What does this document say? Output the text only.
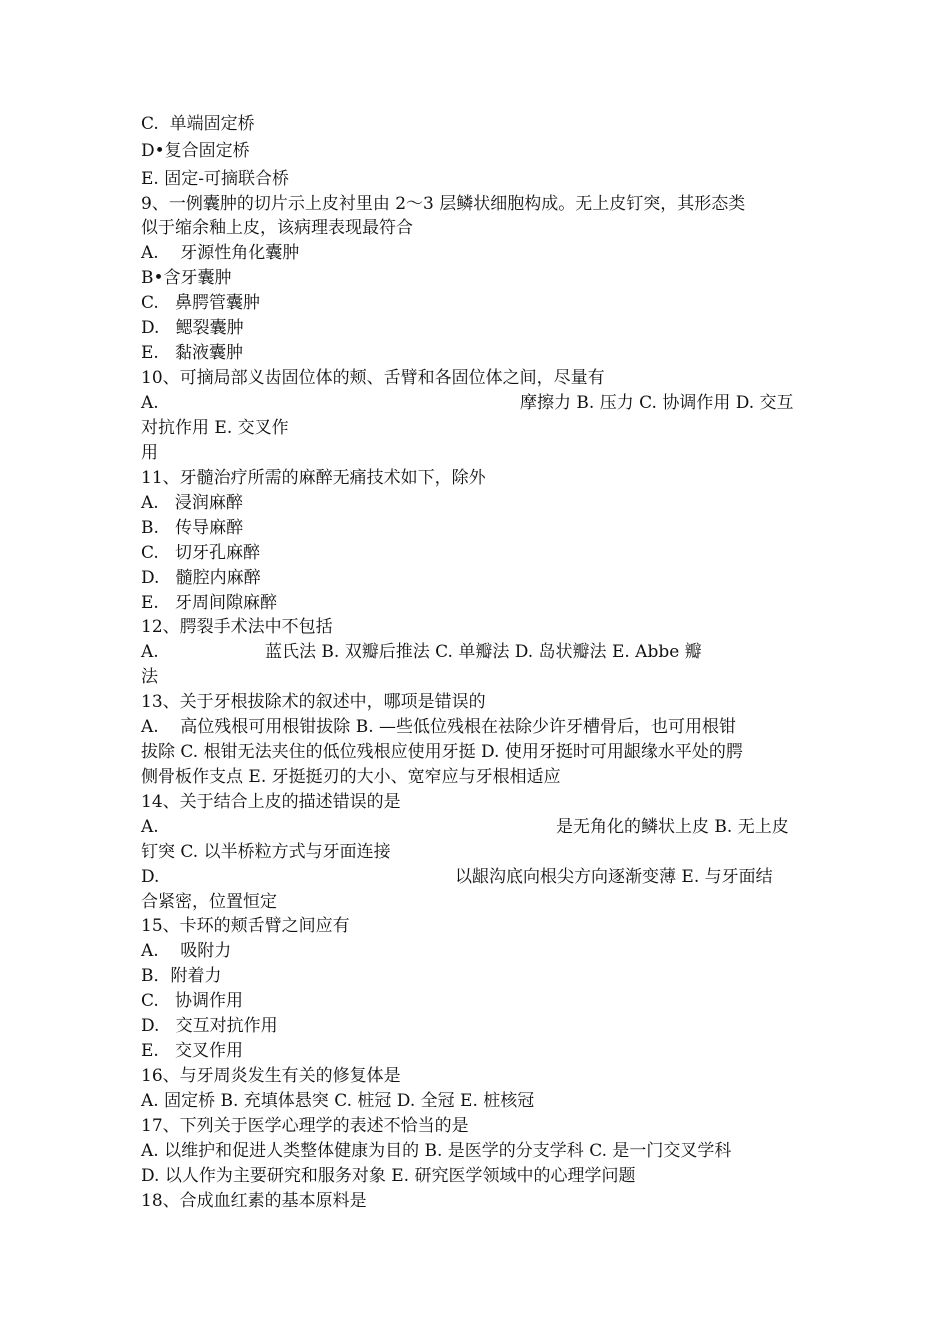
C.  单端固定桥
D•复合固定桥
E. 固定-可摘联合桥
9、一例囊肿的切片示上皮衬里由 2〜3 层鳞状细胞构成。无上皮钉突，其形态类
似于缩余釉上皮，该病理表现最符合
A.    牙源性角化囊肿
B•含牙囊肿
C.   鼻腭管囊肿
D.   鳃裂囊肿
E.   黏液囊肿
10、可摘局部义齿固位体的颊、舌臂和各固位体之间，尽量有
A.	摩擦力 B. 压力 C. 协调作用 D. 交互
对抗作用 E. 交叉作
用
11、牙髓治疗所需的麻醉无痛技术如下，除外
A.   浸润麻醉
B.   传导麻醉
C.   切牙孔麻醉
D.   髓腔内麻醉
E.   牙周间隙麻醉
12、腭裂手术法中不包括
A.	蓝氏法 B. 双瓣后推法 C. 单瓣法 D. 岛状瓣法 E. Abbe 瓣
法
13、关于牙根拔除术的叙述中，哪项是错误的
A.    高位残根可用根钳拔除 B. —些低位残根在祛除少许牙槽骨后，也可用根钳
拔除 C. 根钳无法夹住的低位残根应使用牙挺 D. 使用牙挺时可用龈缘水平处的腭
侧骨板作支点 E. 牙挺挺刃的大小、宽窄应与牙根相适应
14、关于结合上皮的描述错误的是
A.	是无角化的鳞状上皮 B. 无上皮
钉突 C. 以半桥粒方式与牙面连接
D.	以龈沟底向根尖方向逐渐变薄 E. 与牙面结
合紧密，位置恒定
15、卡环的颊舌臂之间应有
A.    吸附力
B．附着力
C.   协调作用
D.   交互对抗作用
E.   交叉作用
16、与牙周炎发生有关的修复体是
A. 固定桥 B. 充填体悬突 C. 桩冠 D. 全冠 E. 桩核冠
17、下列关于医学心理学的表述不恰当的是
A. 以维护和促进人类整体健康为目的 B. 是医学的分支学科 C. 是一门交叉学科
D. 以人作为主要研究和服务对象 E. 研究医学领域中的心理学问题
18、合成血红素的基本原料是
